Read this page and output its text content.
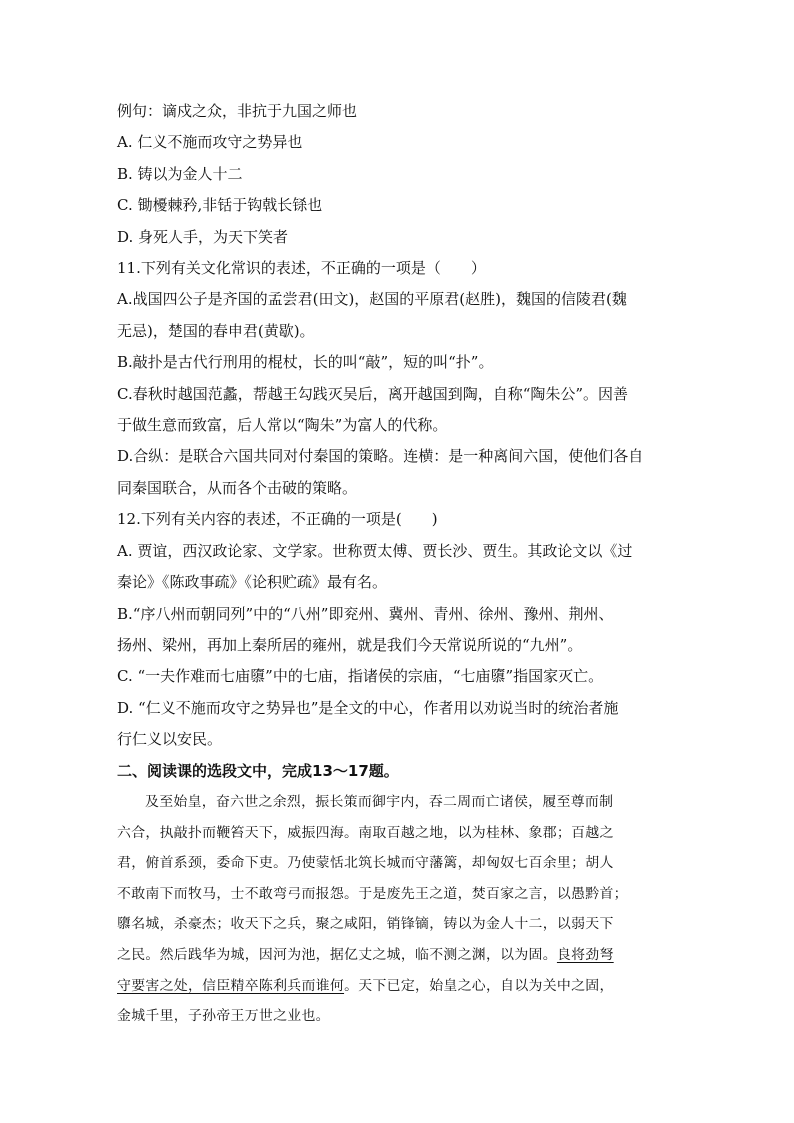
例句：谪戍之众，非抗于九国之师也

A. 仁义不施而攻守之势异也

B. 铸以为金人十二

C. 锄櫌棘矜,非铦于钩戟长铩也

D. 身死人手，为天下笑者

11.下列有关文化常识的表述，不正确的一项是（　　）

A.战国四公子是齐国的孟尝君(田文)，赵国的平原君(赵胜)，魏国的信陵君(魏

无忌)，楚国的春申君(黄歇)。

B.敲扑是古代行刑用的棍杖，长的叫“敲”，短的叫“扑”。

C.春秋时越国范蠡，帮越王勾践灭吴后，离开越国到陶，自称“陶朱公”。因善

于做生意而致富，后人常以“陶朱”为富人的代称。

D.合纵：是联合六国共同对付秦国的策略。连横：是一种离间六国，使他们各自

同秦国联合，从而各个击破的策略。

12.下列有关内容的表述，不正确的一项是(　　)

A. 贾谊，西汉政论家、文学家。世称贾太傅、贾长沙、贾生。其政论文以《过

秦论》《陈政事疏》《论积贮疏》最有名。

B.“序八州而朝同列”中的“八州”即兖州、冀州、青州、徐州、豫州、荆州、

扬州、梁州，再加上秦所居的雍州，就是我们今天常说所说的“九州”。

C. “一夫作难而七庙隳”中的七庙，指诸侯的宗庙，“七庙隳”指国家灭亡。

D. “仁义不施而攻守之势异也”是全文的中心，作者用以劝说当时的统治者施

行仁义以安民。

二、阅读课的选段文中，完成13～17题。

及至始皇，奋六世之余烈，振长策而御宇内，吞二周而亡诸侯，履至尊而制

六合，执敲扑而鞭笞天下，威振四海。南取百越之地，以为桂林、象郡；百越之

君，俯首系颈，委命下吏。乃使蒙恬北筑长城而守藩篱，却匈奴七百余里；胡人

不敢南下而牧马，士不敢弯弓而报怨。于是废先王之道，焚百家之言，以愚黔首；

隳名城，杀豪杰；收天下之兵，聚之咸阳，销锋镝，铸以为金人十二，以弱天下

之民。然后践华为城，因河为池，据亿丈之城，临不测之渊，以为固。良将劲弩

守要害之处，信臣精卒陈利兵而谁何。天下已定，始皇之心，自以为关中之固，

金城千里，子孙帝王万世之业也。
